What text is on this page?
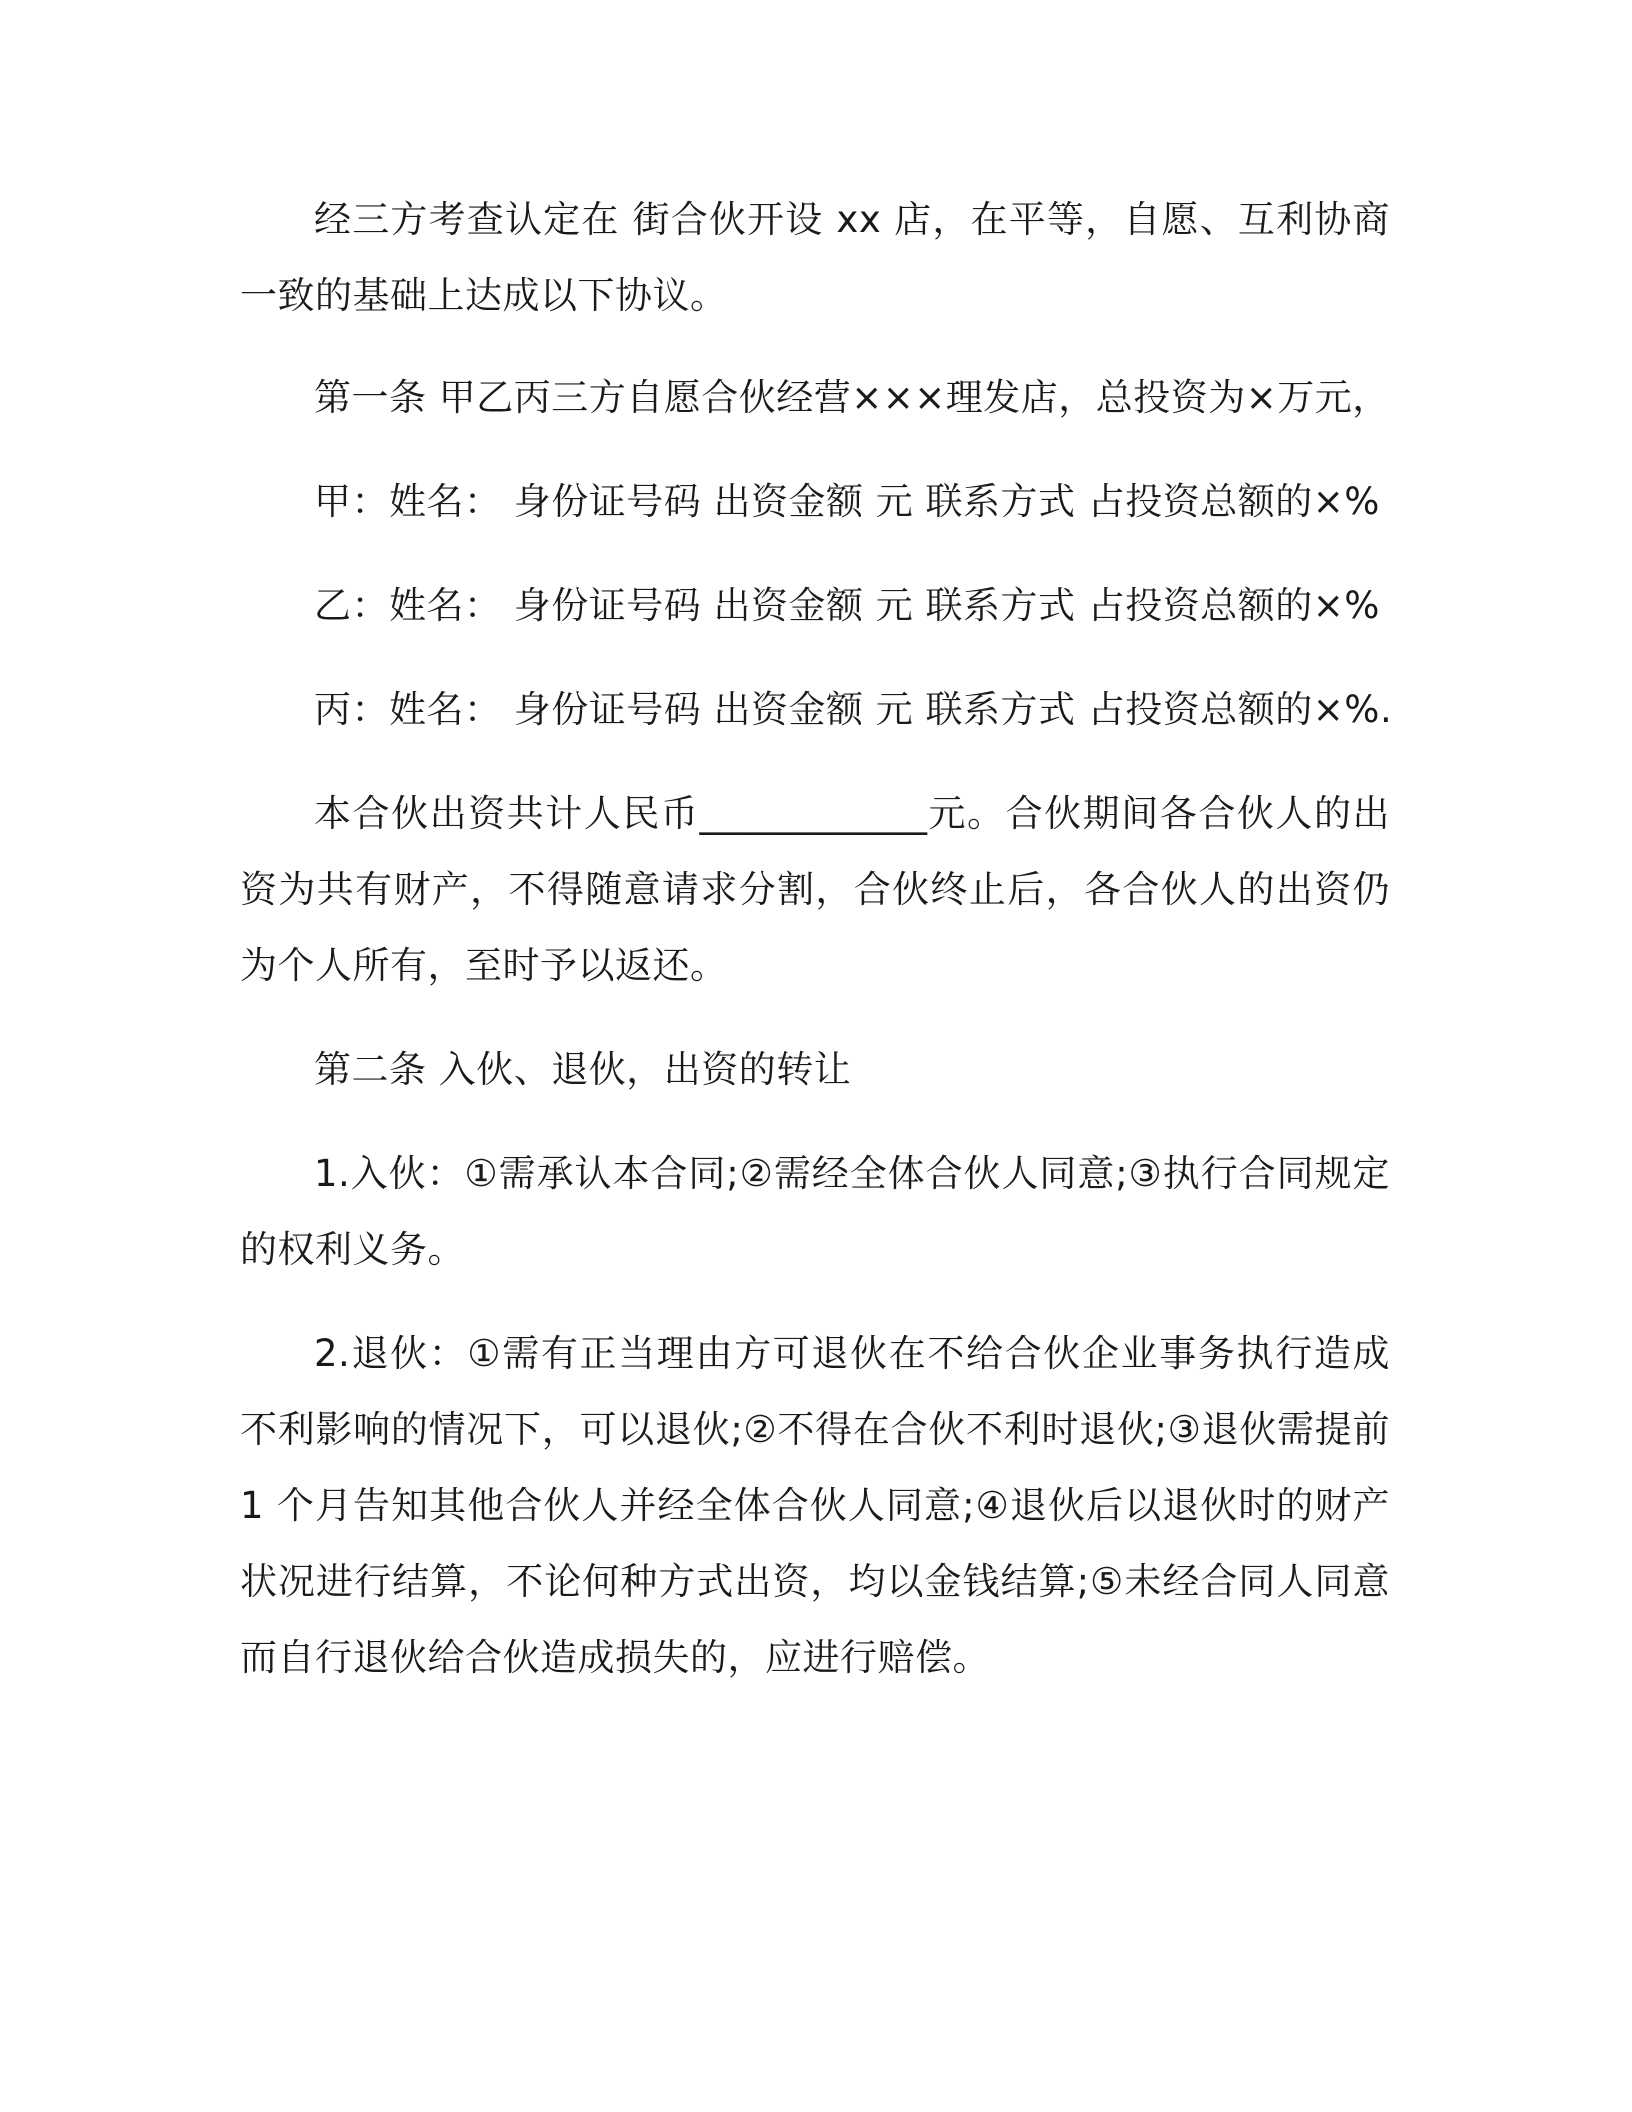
经三方考查认定在 街合伙开设 xx 店，在平等，自愿、互利协商一致的基础上达成以下协议。

第一条 甲乙丙三方自愿合伙经营×××理发店，总投资为×万元，

甲：姓名： 身份证号码 出资金额 元 联系方式 占投资总额的×%

乙：姓名： 身份证号码 出资金额 元 联系方式 占投资总额的×%

丙：姓名： 身份证号码 出资金额 元 联系方式 占投资总额的×%.

本合伙出资共计人民币____________元。合伙期间各合伙人的出资为共有财产，不得随意请求分割，合伙终止后，各合伙人的出资仍为个人所有，至时予以返还。

第二条 入伙、退伙，出资的转让

1.入伙：①需承认本合同;②需经全体合伙人同意;③执行合同规定的权利义务。

2.退伙：①需有正当理由方可退伙在不给合伙企业事务执行造成不利影响的情况下，可以退伙;②不得在合伙不利时退伙;③退伙需提前 1 个月告知其他合伙人并经全体合伙人同意;④退伙后以退伙时的财产状况进行结算，不论何种方式出资，均以金钱结算;⑤未经合同人同意而自行退伙给合伙造成损失的，应进行赔偿。
